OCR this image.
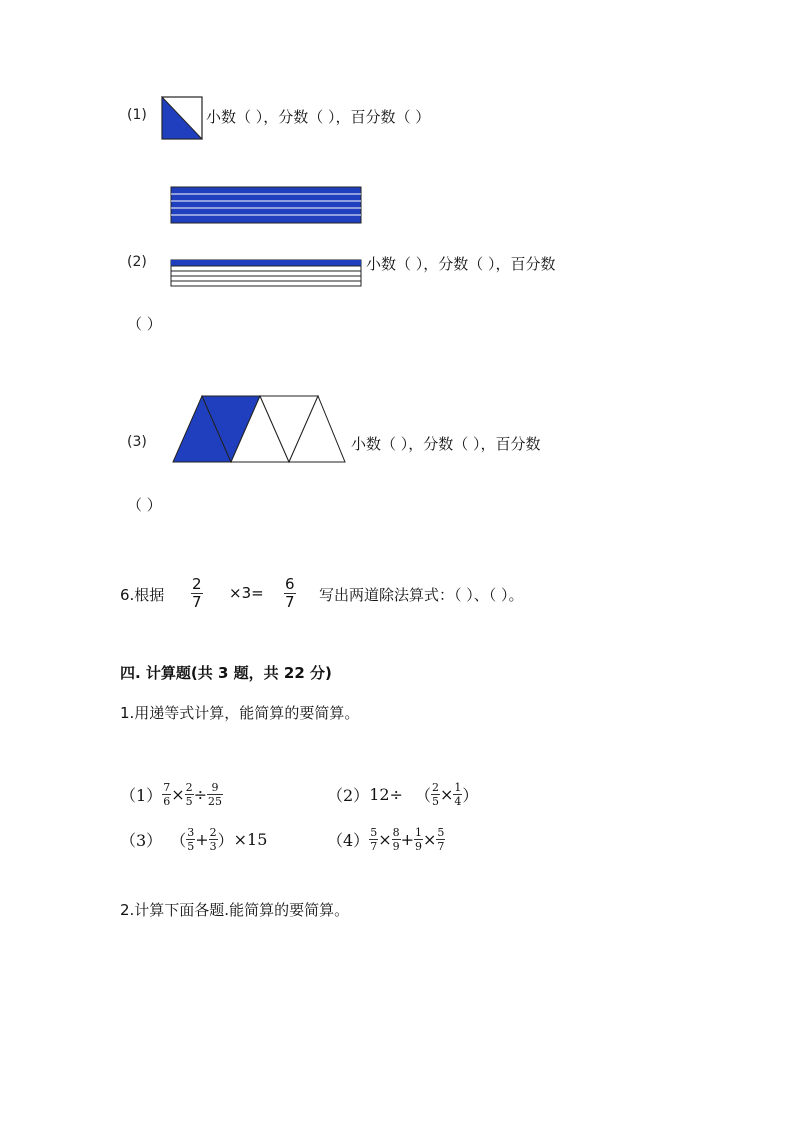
(1)	小数（ ），分数（ ），百分数（ ）
(2)	小数（ ），分数（ ），百分数
（ ）
(3)	小数（ ），分数（ ），百分数
（ ）
6.根据 $\frac{2}{7} \times 3= \frac{6}{7}$ 写出两道除法算式：（ ）、（ ）。
四. 计算题(共 3 题，共 22 分)
1.用递等式计算，能简算的要简算。
$(1) \frac{7}{6} \times \frac{2}{5} \div \frac{9}{25}$	（2） 12÷ （ $\frac{2}{5} \times \frac{1}{4}$ ）
（3） （ $\frac{3}{5} + \frac{2}{3}$ ） ×15	$(4) \frac{5}{7} \times \frac{8}{9} + \frac{1}{9} \times \frac{5}{7}$
2.计算下面各题.能简算的要简算。
